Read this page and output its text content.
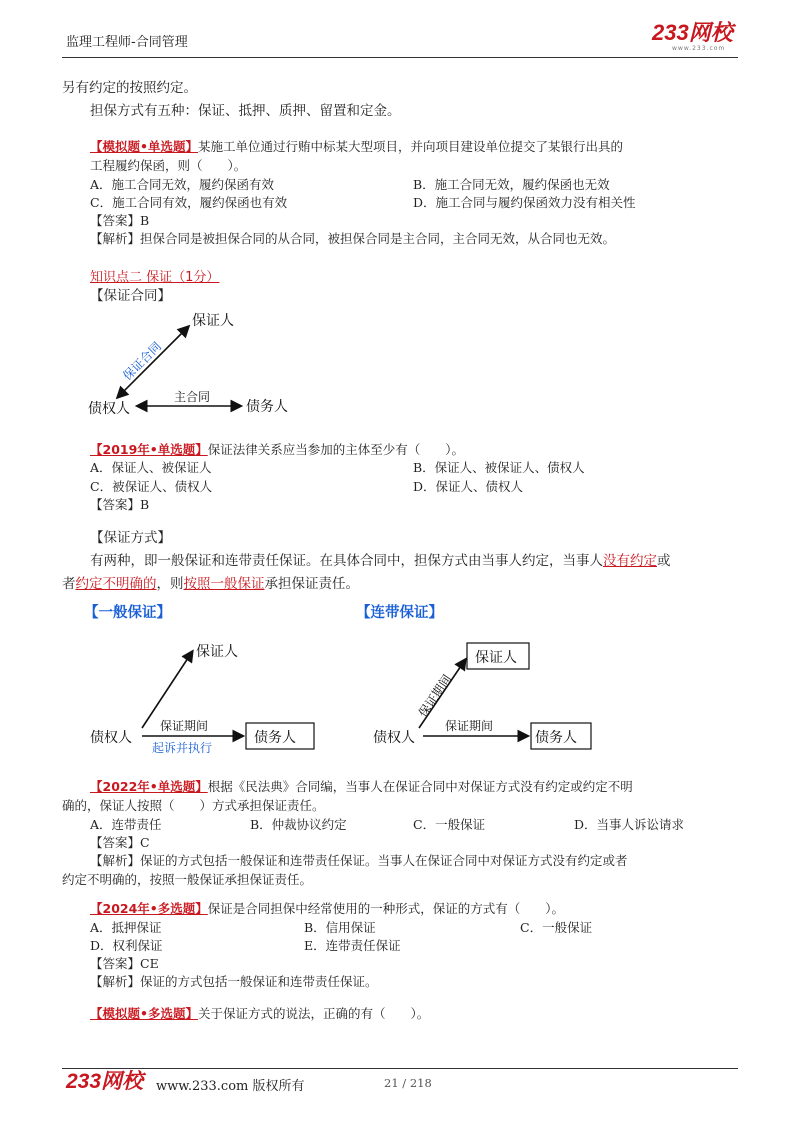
监理工程师-合同管理	233网校
www.233.com
另有约定的按照约定。
担保方式有五种：保证、抵押、质押、留置和定金。
【模拟题•单选题】某施工单位通过行贿中标某大型项目，并向项目建设单位提交了某银行出具的
工程履约保函，则（　　）。
A．施工合同无效，履约保函有效	B．施工合同无效，履约保函也无效
C．施工合同有效，履约保函也有效	D．施工合同与履约保函效力没有相关性
【答案】B
【解析】担保合同是被担保合同的从合同，被担保合同是主合同，主合同无效，从合同也无效。
知识点二 保证（1分）
【保证合同】
保证人
债权人	债务人
保证合同
主合同
【2019年•单选题】保证法律关系应当参加的主体至少有（　　）。
A．保证人、被保证人	B．保证人、被保证人、债权人
C．被保证人、债权人	D．保证人、债权人
【答案】B
【保证方式】
有两种，即一般保证和连带责任保证。在具体合同中，担保方式由当事人约定，当事人没有约定或
者约定不明确的，则按照一般保证承担保证责任。
【一般保证】	【连带保证】
保证人
债权人	债务人
保证期间
起诉并执行
保证人
债权人	债务人
保证期间
保证期间
【2022年•单选题】根据《民法典》合同编，当事人在保证合同中对保证方式没有约定或约定不明
确的，保证人按照（　　）方式承担保证责任。
A．连带责任	B．仲裁协议约定	C．一般保证	D．当事人诉讼请求
【答案】C
【解析】保证的方式包括一般保证和连带责任保证。当事人在保证合同中对保证方式没有约定或者
约定不明确的，按照一般保证承担保证责任。
【2024年•多选题】保证是合同担保中经常使用的一种形式，保证的方式有（　　）。
A．抵押保证	B．信用保证	C．一般保证
D．权利保证	E．连带责任保证
【答案】CE
【解析】保证的方式包括一般保证和连带责任保证。
【模拟题•多选题】关于保证方式的说法，正确的有（　　）。
233网校 www.233.com 版权所有	21 / 218
